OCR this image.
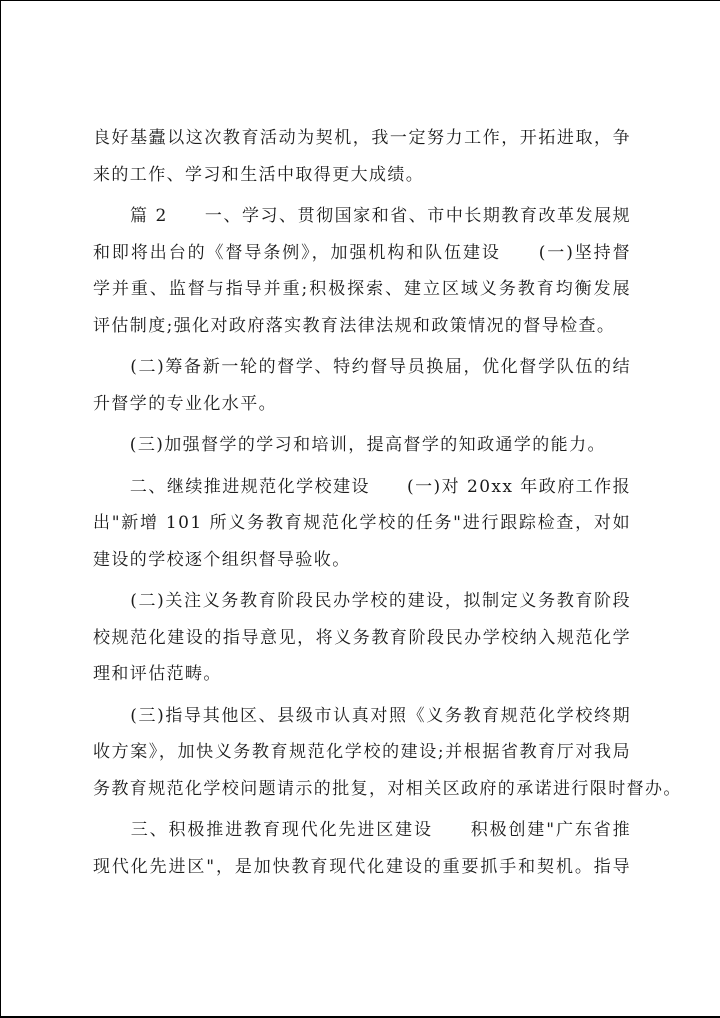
良好基蠹以这次教育活动为契机，我一定努力工作，开拓进取，争
来的工作、学习和生活中取得更大成绩。
　　篇 2　　一、学习、贯彻国家和省、市中长期教育改革发展规
和即将出台的《督导条例》，加强机构和队伍建设　　(一)坚持督
学并重、监督与指导并重;积极探索、建立区域义务教育均衡发展
评估制度;强化对政府落实教育法律法规和政策情况的督导检查。
　　(二)筹备新一轮的督学、特约督导员换届，优化督学队伍的结
升督学的专业化水平。
　　(三)加强督学的学习和培训，提高督学的知政通学的能力。
　　二、继续推进规范化学校建设　　(一)对 20xx 年政府工作报
出"新增 101 所义务教育规范化学校的任务"进行跟踪检查，对如
建设的学校逐个组织督导验收。
　　(二)关注义务教育阶段民办学校的建设，拟制定义务教育阶段
校规范化建设的指导意见，将义务教育阶段民办学校纳入规范化学
理和评估范畴。
　　(三)指导其他区、县级市认真对照《义务教育规范化学校终期
收方案》，加快义务教育规范化学校的建设;并根据省教育厅对我局
务教育规范化学校问题请示的批复，对相关区政府的承诺进行限时督办。
　　三、积极推进教育现代化先进区建设　　积极创建"广东省推
现代化先进区"，是加快教育现代化建设的重要抓手和契机。指导
